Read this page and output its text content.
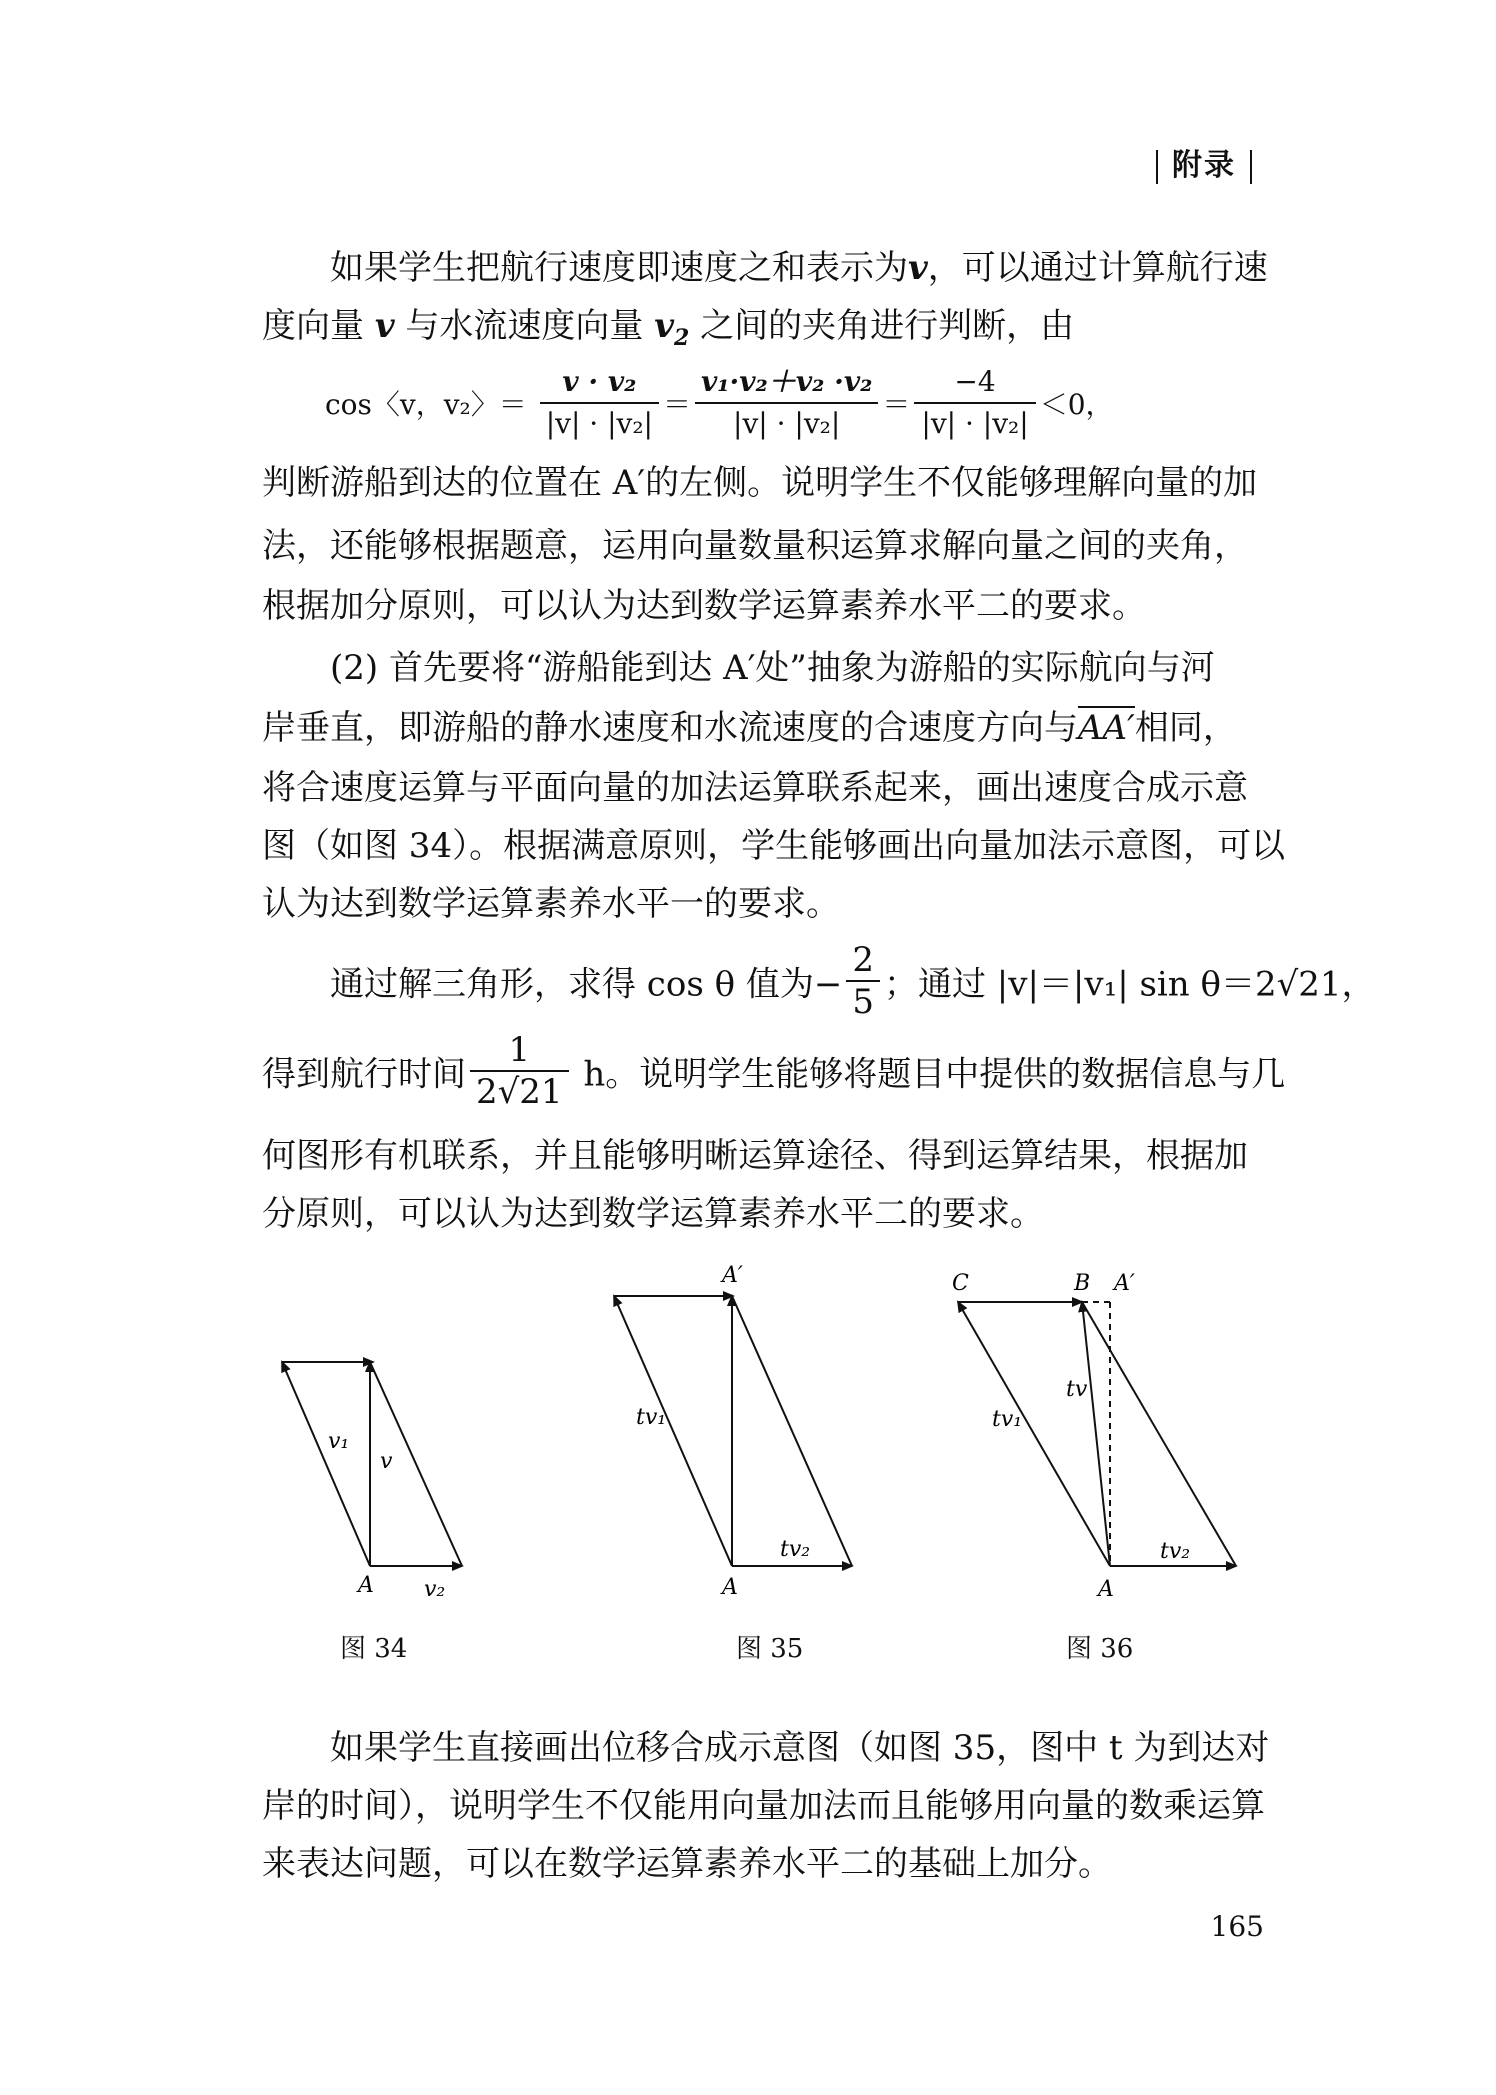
附录
如果学生把航行速度即速度之和表示为v，可以通过计算航行速
度向量 v 与水流速度向量 $v_2$ 之间的夹角进行判断，由
cos〈v，v₂〉＝ $\frac{\text{v · v₂}}{\text{|v| · |v₂|}} = \frac{\text{v₁·v₂＋v₂ ·v₂}}{\text{|v| · |v₂|}} = \frac{-4}{\text{|v| · |v₂|}} <0$，
判断游船到达的位置在 A′的左侧。说明学生不仅能够理解向量的加
法，还能够根据题意，运用向量数量积运算求解向量之间的夹角，
根据加分原则，可以认为达到数学运算素养水平二的要求。
(2) 首先要将“游船能到达 A′处”抽象为游船的实际航向与河
岸垂直，即游船的静水速度和水流速度的合速度方向与
AA′相同，
将合速度运算与平面向量的加法运算联系起来，画出速度合成示意
图（如图 34）。根据满意原则，学生能够画出向量加法示意图，可以
认为达到数学运算素养水平一的要求。
通过解三角形，求得 cos θ 值为− $\frac{2}{5}$ ；通过 |v|＝|v₁| sin θ＝2√21，
得到航行时间 $\frac{1}{2√21}$ h。说明学生能够将题目中提供的数据信息与几
何图形有机联系，并且能够明晰运算途径、得到运算结果，根据加
分原则，可以认为达到数学运算素养水平二的要求。
v₁
v
A v₂
A′
tv₁
tv₂
A
C	B A′
tv
tv₁
tv₂
A
图 34	图 35	图 36
如果学生直接画出位移合成示意图（如图 35，图中 t 为到达对
岸的时间），说明学生不仅能用向量加法而且能够用向量的数乘运算
来表达问题，可以在数学运算素养水平二的基础上加分。
165
